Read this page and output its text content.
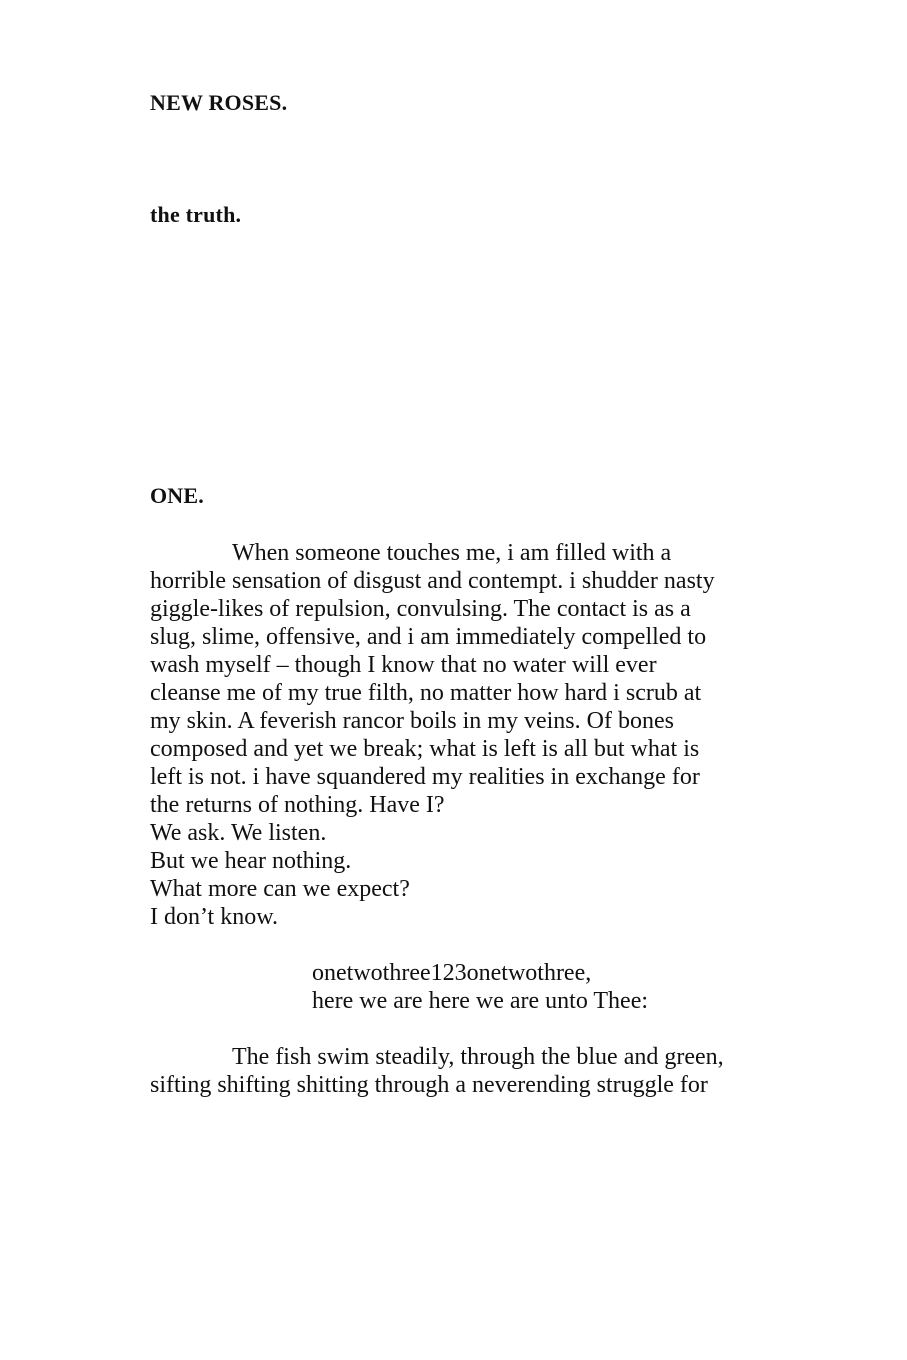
NEW ROSES.
the truth.
ONE.
When someone touches me, i am filled with a
horrible sensation of disgust and contempt. i shudder nasty
giggle-likes of repulsion, convulsing. The contact is as a
slug, slime, offensive, and i am immediately compelled to
wash myself – though I know that no water will ever
cleanse me of my true filth, no matter how hard i scrub at
my skin. A feverish rancor boils in my veins. Of bones
composed and yet we break; what is left is all but what is
left is not. i have squandered my realities in exchange for
the returns of nothing. Have I?
We ask. We listen.
But we hear nothing.
What more can we expect?
I don’t know.
onetwothree123onetwothree,
here we are here we are unto Thee:
The fish swim steadily, through the blue and green,
sifting shifting shitting through a neverending struggle for
